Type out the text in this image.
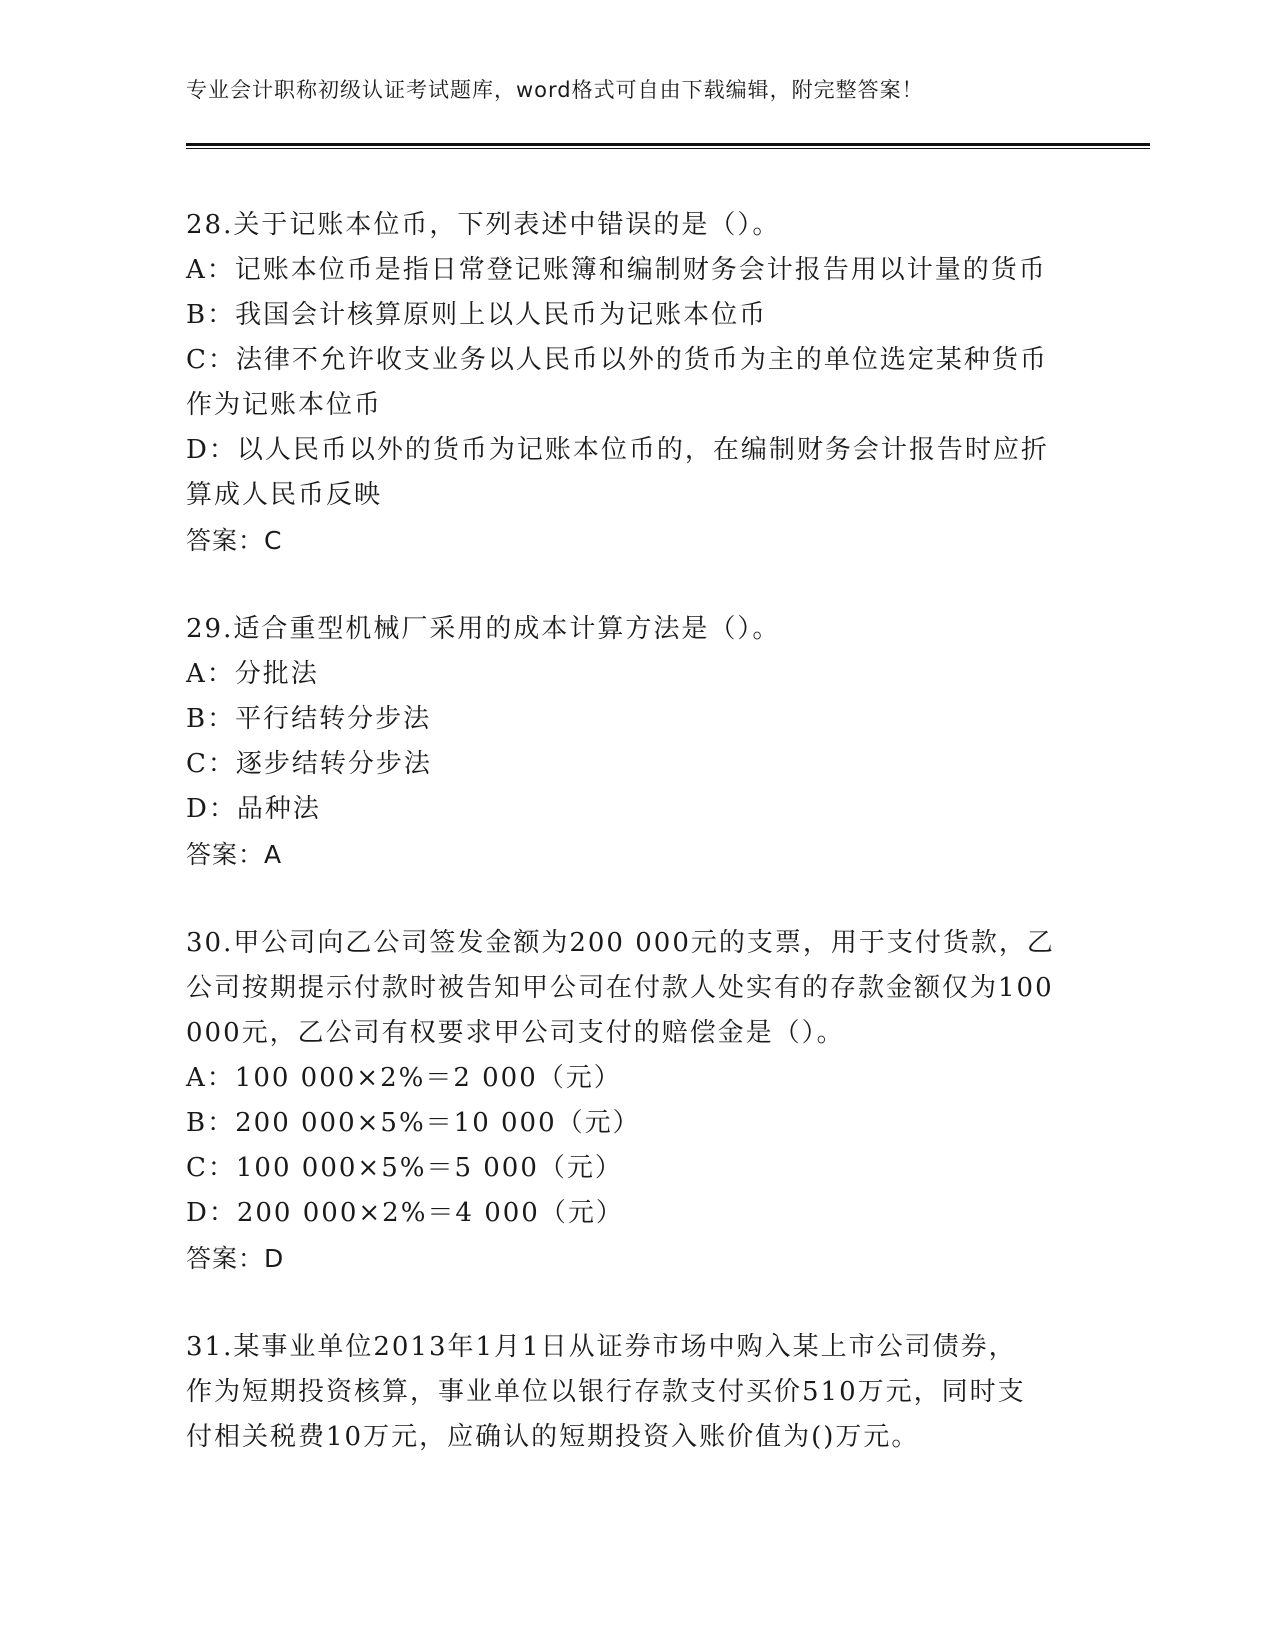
专业会计职称初级认证考试题库，word格式可自由下载编辑，附完整答案！
28.关于记账本位币，下列表述中错误的是（）。
A：记账本位币是指日常登记账簿和编制财务会计报告用以计量的货币
B：我国会计核算原则上以人民币为记账本位币
C：法律不允许收支业务以人民币以外的货币为主的单位选定某种货币
作为记账本位币
D：以人民币以外的货币为记账本位币的，在编制财务会计报告时应折
算成人民币反映
答案：C
29.适合重型机械厂采用的成本计算方法是（）。
A：分批法
B：平行结转分步法
C：逐步结转分步法
D：品种法
答案：A
30.甲公司向乙公司签发金额为200 000元的支票，用于支付货款，乙
公司按期提示付款时被告知甲公司在付款人处实有的存款金额仅为100
000元，乙公司有权要求甲公司支付的赔偿金是（）。
A：100 000×2%＝2 000（元）
B：200 000×5%＝10 000（元）
C：100 000×5%＝5 000（元）
D：200 000×2%＝4 000（元）
答案：D
31.某事业单位2013年1月1日从证券市场中购入某上市公司债券，
作为短期投资核算，事业单位以银行存款支付买价510万元，同时支
付相关税费10万元，应确认的短期投资入账价值为()万元。
